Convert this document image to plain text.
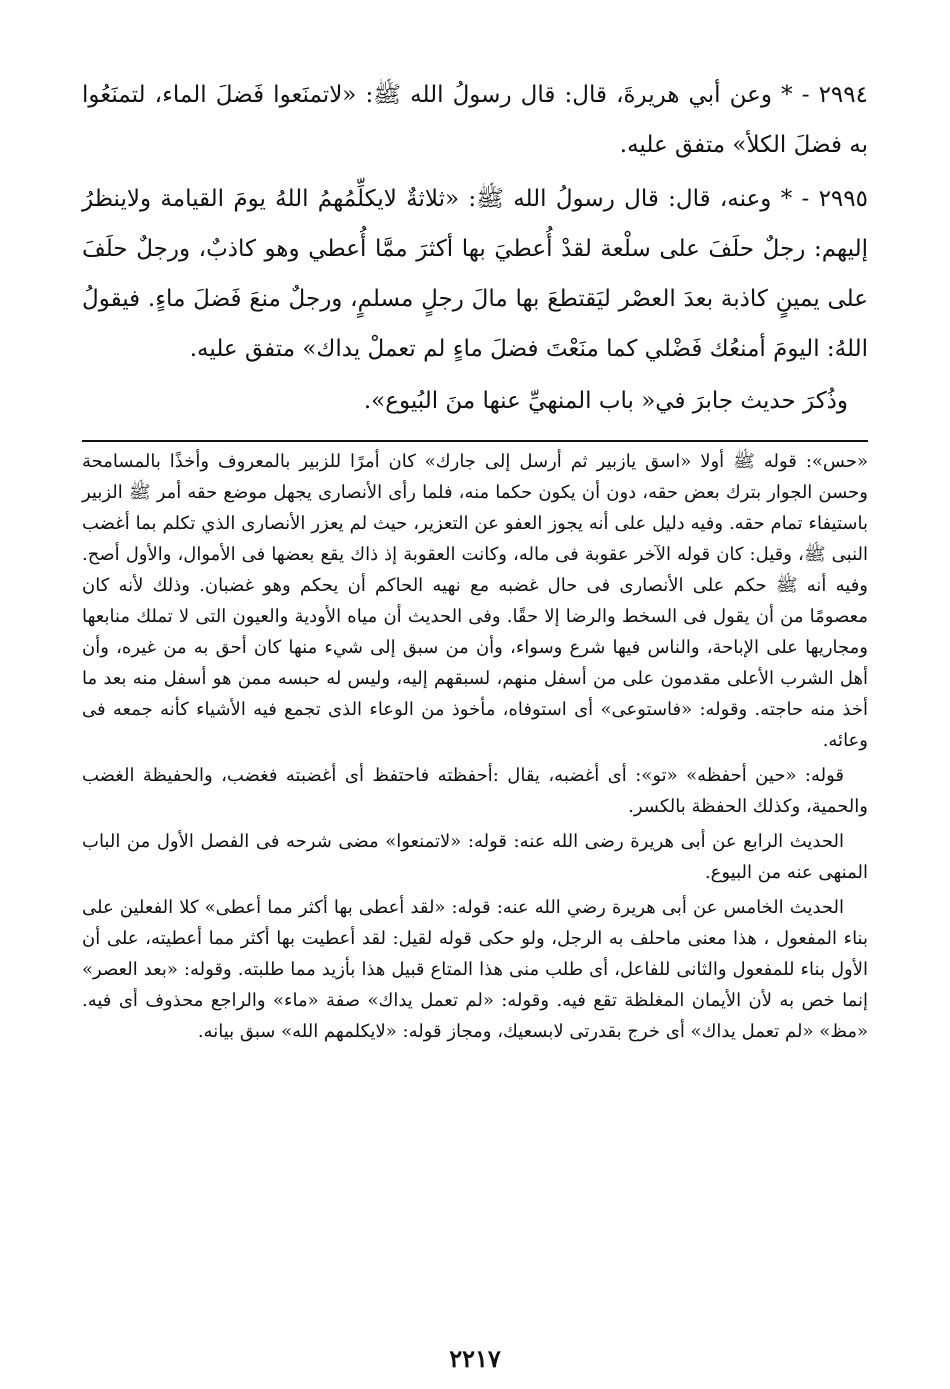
٢٩٩٤ - * وعن أبي هريرةَ، قال: قال رسولُ الله ﷺ: «لاتمنَعوا فَضلَ الماء، لتمنَعُوا به فضلَ الكلأ» متفق عليه.

٢٩٩٥ - * وعنه، قال: قال رسولُ الله ﷺ: «ثلاثةٌ لايكلِّمُهمُ اللهُ يومَ القيامة ولاينظرُ إليهم: رجلٌ حلَفَ على سلْعة لقدْ أُعطيَ بها أكثرَ ممَّا أُعطي وهو كاذبٌ، ورجلٌ حلَفَ على يمينٍ كاذبة بعدَ العصْر ليَقتطعَ بها مالَ رجلٍ مسلمٍ، ورجلٌ منعَ فَضلَ ماءٍ. فيقولُ اللهُ: اليومَ أمنعُك فَضْلي كما منَعْتَ فضلَ ماءٍ لم تعملْ يداك» متفق عليه.

وذُكرَ حديث جابرَ في« باب المنهيِّ عنها منَ البُيوع».

«حس»: قوله ﷺ أولا «اسق يازبير ثم أرسل إلى جارك» كان أمرًا للزبير بالمعروف وأخذًا بالمسامحة وحسن الجوار بترك بعض حقه، دون أن يكون حكما منه، فلما رأى الأنصارى يجهل موضع حقه أمر ﷺ الزبير باستيفاء تمام حقه. وفيه دليل على أنه يجوز العفو عن التعزير، حيث لم يعزر الأنصارى الذي تكلم بما أغضب النبى ﷺ، وقيل: كان قوله الآخر عقوبة فى ماله، وكانت العقوبة إذ ذاك يقع بعضها فى الأموال، والأول أصح. وفيه أنه ﷺ حكم على الأنصارى فى حال غضبه مع نهيه الحاكم أن يحكم وهو غضبان. وذلك لأنه كان معصومًا من أن يقول فى السخط والرضا إلا حقًا. وفى الحديث أن مياه الأودية والعيون التى لا تملك منابعها ومجاريها على الإباحة، والناس فيها شرع وسواء، وأن من سبق إلى شيء منها كان أحق به من غيره، وأن أهل الشرب الأعلى مقدمون على من أسفل منهم، لسبقهم إليه، وليس له حبسه ممن هو أسفل منه بعد ما أخذ منه حاجته. وقوله: «فاستوعى» أى استوفاه، مأخوذ من الوعاء الذى تجمع فيه الأشياء كأنه جمعه فى وعائه.

قوله: «حين أحفظه» «تو»: أى أغضبه، يقال :أحفظته فاحتفظ أى أغضبته فغضب، والحفيظة الغضب والحمية، وكذلك الحفظة بالكسر.

الحديث الرابع عن أبى هريرة رضى الله عنه: قوله: «لاتمنعوا» مضى شرحه فى الفصل الأول من الباب المنهى عنه من البيوع.

الحديث الخامس عن أبى هريرة رضي الله عنه: قوله: «لقد أعطى بها أكثر مما أعطى» كلا الفعلين على بناء المفعول ، هذا معنى ماحلف به الرجل، ولو حكى قوله لقيل: لقد أعطيت بها أكثر مما أعطيته، على أن الأول بناء للمفعول والثانى للفاعل، أى طلب منى هذا المتاع قبيل هذا بأزيد مما طلبته. وقوله: «بعد العصر» إنما خص به لأن الأيمان المغلظة تقع فيه. وقوله: «لم تعمل يداك» صفة «ماء» والراجع محذوف أى فيه. «مظ» «لم تعمل يداك» أى خرج بقدرتى لابسعيك، ومجاز قوله: «لايكلمهم الله» سبق بيانه.

٢٢١٧
